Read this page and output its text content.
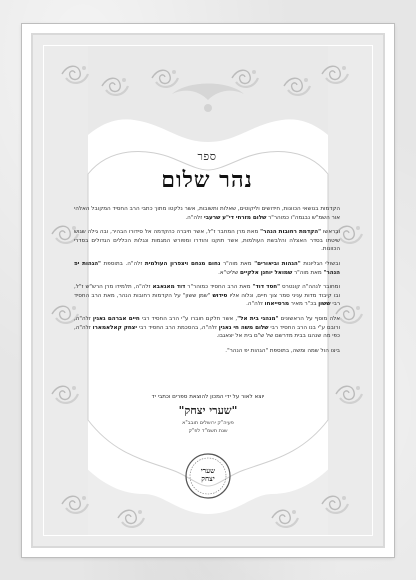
ספר

נהר שלום

הקדמות בנושאי הכוונות, חידושים וליקוטים, שאלות ותשובות, אשר נלקטו מתוך כתבי הרב החסיד המקובל האלהי אור השמ"ש נבגמה"ו כמוהר"ר שלום מזרחי די"ע שרעבי זלה"ה.

ובראשו "הקדמת רחובות הנהר" מאת מרן המחבר ז"ל, אשר חיברה כהקדמה אל סידורו הבהיר, ובה גילה שגוש שיטתו בסדר האצלה והלבשת העולמות, אשר תוקנו והודרו ומפורש המגמות ונגלות הכללים הגדולים בסדרי הכוונות.

ובשולי הגליונות "הגהות וביאורים" מאת מוה"ר נחום מנחם ויצפרון העולמית זלה"ה. בתוספת "הגהות יפ הנהר" מאת מוה"ר שמואל יוחנן אלקיים שליט"א.

ומחובר לנהה"ה קונטרס "חסד דוד" מאת הרב החסיד כמוהר"ר דוד מאגאבא זלה"ה, תלמידו מרן הרש"ש ז"ל, ובו קיבוד מדות עניני סמר צוך חיים, ונלוה אליו סידוש "שמן ששון" על הקדמות רחובות הנהר, מאת הרב החסיד רבי ששון בכ"ר מאיר מרסייאחו זלה"ה.

אלה מוסף על הראשונים "מנהגי בית אל", אשר חלקם חוברו ע"י הרב החסיד רבי חיים אברהם גאגין זלה"ה, ורובם ע"י בנו הרב החסיד רבי שלום משה חי גאגין זלה"ה, בהסכמת הרב החסיד רבי יצחק קאלאמארו זלה"ה, כפי מה שנהגו בבית מדרשם של ש"ם בית אל יצאגבו.

ביצו הול שמה ומשה, בתוספת "הגהות יפ הנהר".

יוצא לאור על ידי המכון להוצאת ספרים וכתבי יד

"שערי יצחק"

פעיה"ק ירושלים תובב"א

שנת תשמ"ד לפ"ק

שערי
יצחק
